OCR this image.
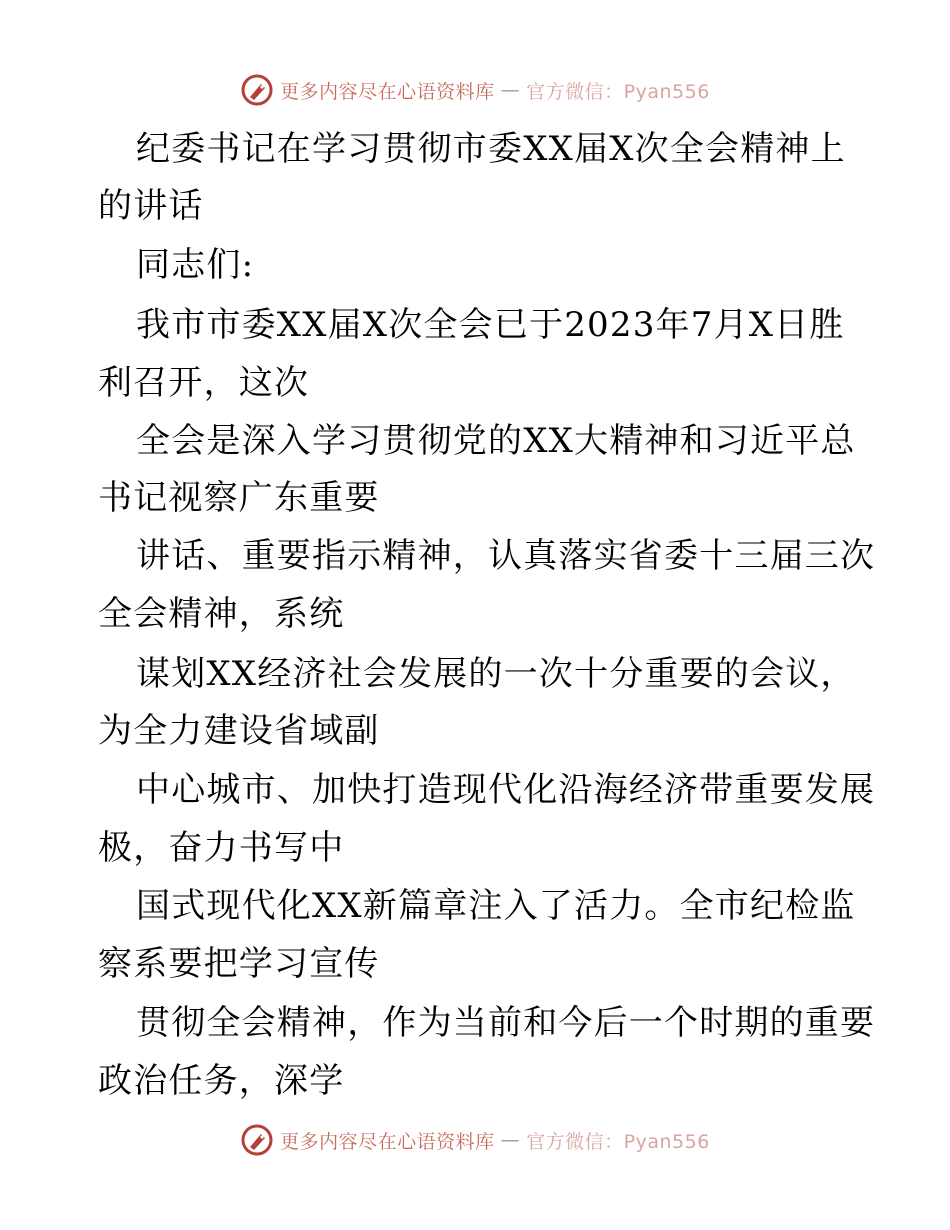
更多内容尽在心语资料库 — 官方微信：Pyan556
纪委书记在学习贯彻市委XX届X次全会精神上
的讲话
同志们:
我市市委XX届X次全会已于2023年7月X日胜
利召开，这次
全会是深入学习贯彻党的XX大精神和习近平总
书记视察广东重要
讲话、重要指示精神，认真落实省委十三届三次
全会精神，系统
谋划XX经济社会发展的一次十分重要的会议，
为全力建设省域副
中心城市、加快打造现代化沿海经济带重要发展
极，奋力书写中
国式现代化XX新篇章注入了活力。全市纪检监
察系要把学习宣传
贯彻全会精神，作为当前和今后一个时期的重要
政治任务，深学
更多内容尽在心语资料库 — 官方微信：Pyan556
